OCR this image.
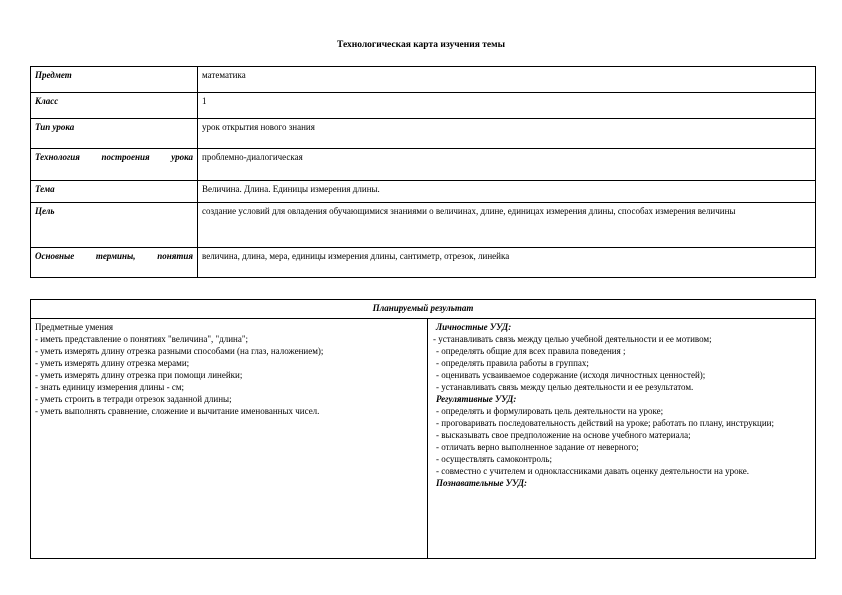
Технологическая карта изучения темы
Предмет	математика
Класс	1
Тип урока	урок открытия нового знания
Технология построения урока	проблемно-диалогическая
Тема	Величина. Длина. Единицы измерения длины.
Цель	создание условий для овладения обучающимися знаниями о величинах, длине, единицах измерения длины, способах измерения величины
Основные термины, понятия	величина, длина, мера, единицы измерения длины, сантиметр, отрезок, линейка
Планируемый результат

Предметные умения
- иметь представление о понятиях "величина", "длина";
- уметь измерять длину отрезка разными способами (на глаз, наложением);
- уметь измерять длину отрезка мерами;
- уметь измерять длину отрезка при помощи линейки;
- знать единицу измерения длины - см;
- уметь строить в тетради отрезок заданной длины;
- уметь выполнять сравнение, сложение и вычитание именованных чисел.

Личностные УУД:
- устанавливать связь между целью учебной деятельности и ее мотивом;
- определять общие для всех правила поведения ;
- определять правила работы в группах;
- оценивать усваиваемое содержание (исходя личностных ценностей);
- устанавливать связь между целью деятельности и ее результатом.
Регулятивные УУД:
- определять и формулировать цель деятельности на уроке;
- проговаривать последовательность действий на уроке; работать по плану, инструкции;
- высказывать свое предположение на основе учебного материала;
- отличать верно выполненное задание от неверного;
- осуществлять самоконтроль;
- совместно с учителем и одноклассниками давать оценку деятельности на уроке.
Познавательные УУД:
